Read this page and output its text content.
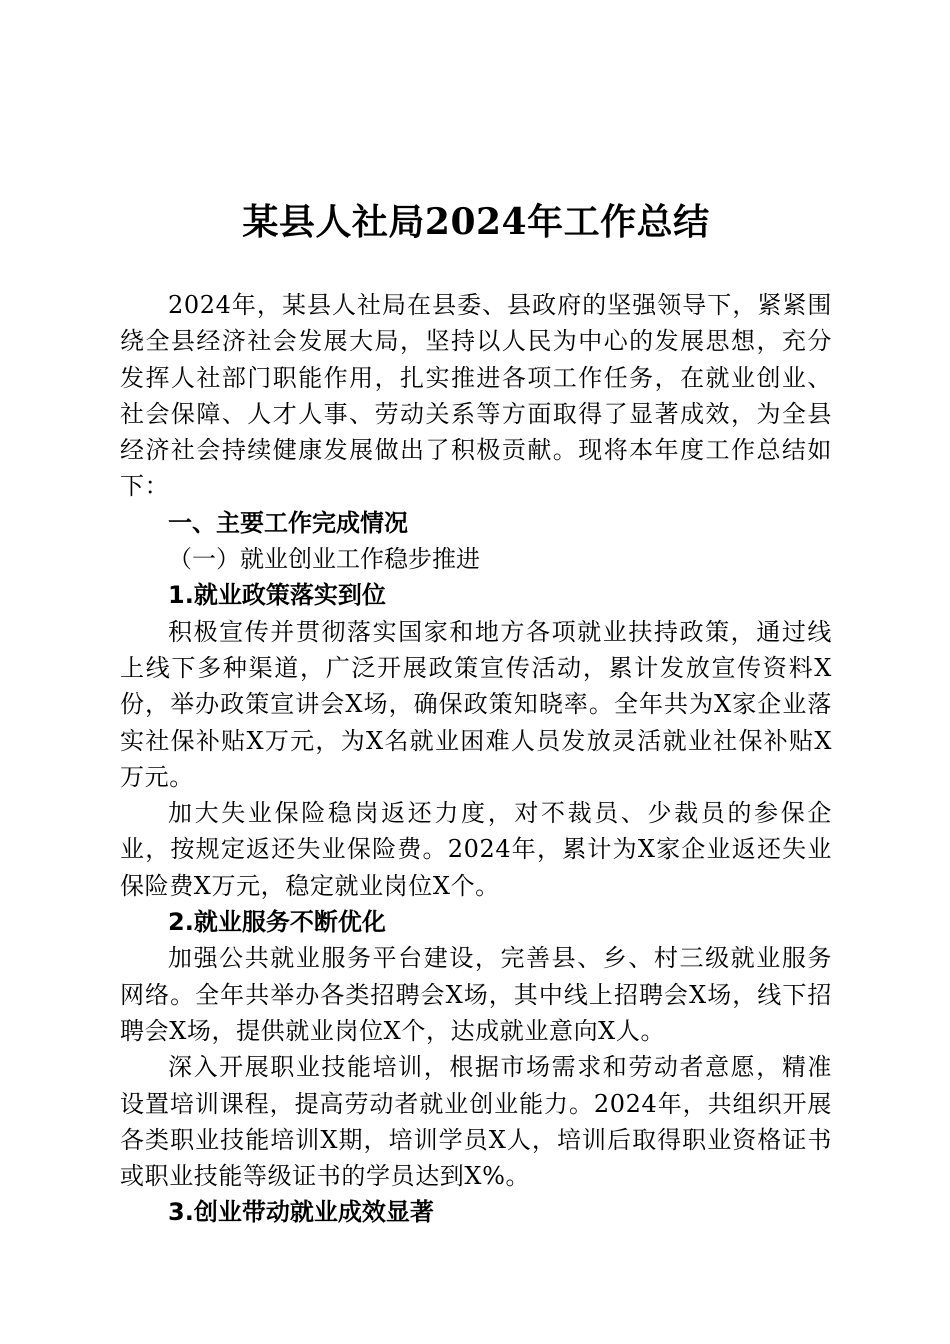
某县人社局2024年工作总结

2024年，某县人社局在县委、县政府的坚强领导下，紧紧围绕全县经济社会发展大局，坚持以人民为中心的发展思想，充分发挥人社部门职能作用，扎实推进各项工作任务，在就业创业、社会保障、人才人事、劳动关系等方面取得了显著成效，为全县经济社会持续健康发展做出了积极贡献。现将本年度工作总结如下：

一、主要工作完成情况

（一）就业创业工作稳步推进

1.就业政策落实到位

积极宣传并贯彻落实国家和地方各项就业扶持政策，通过线上线下多种渠道，广泛开展政策宣传活动，累计发放宣传资料X份，举办政策宣讲会X场，确保政策知晓率。全年共为X家企业落实社保补贴X万元，为X名就业困难人员发放灵活就业社保补贴X万元。

加大失业保险稳岗返还力度，对不裁员、少裁员的参保企业，按规定返还失业保险费。2024年，累计为X家企业返还失业保险费X万元，稳定就业岗位X个。

2.就业服务不断优化

加强公共就业服务平台建设，完善县、乡、村三级就业服务网络。全年共举办各类招聘会X场，其中线上招聘会X场，线下招聘会X场，提供就业岗位X个，达成就业意向X人。

深入开展职业技能培训，根据市场需求和劳动者意愿，精准设置培训课程，提高劳动者就业创业能力。2024年，共组织开展各类职业技能培训X期，培训学员X人，培训后取得职业资格证书或职业技能等级证书的学员达到X%。

3.创业带动就业成效显著
